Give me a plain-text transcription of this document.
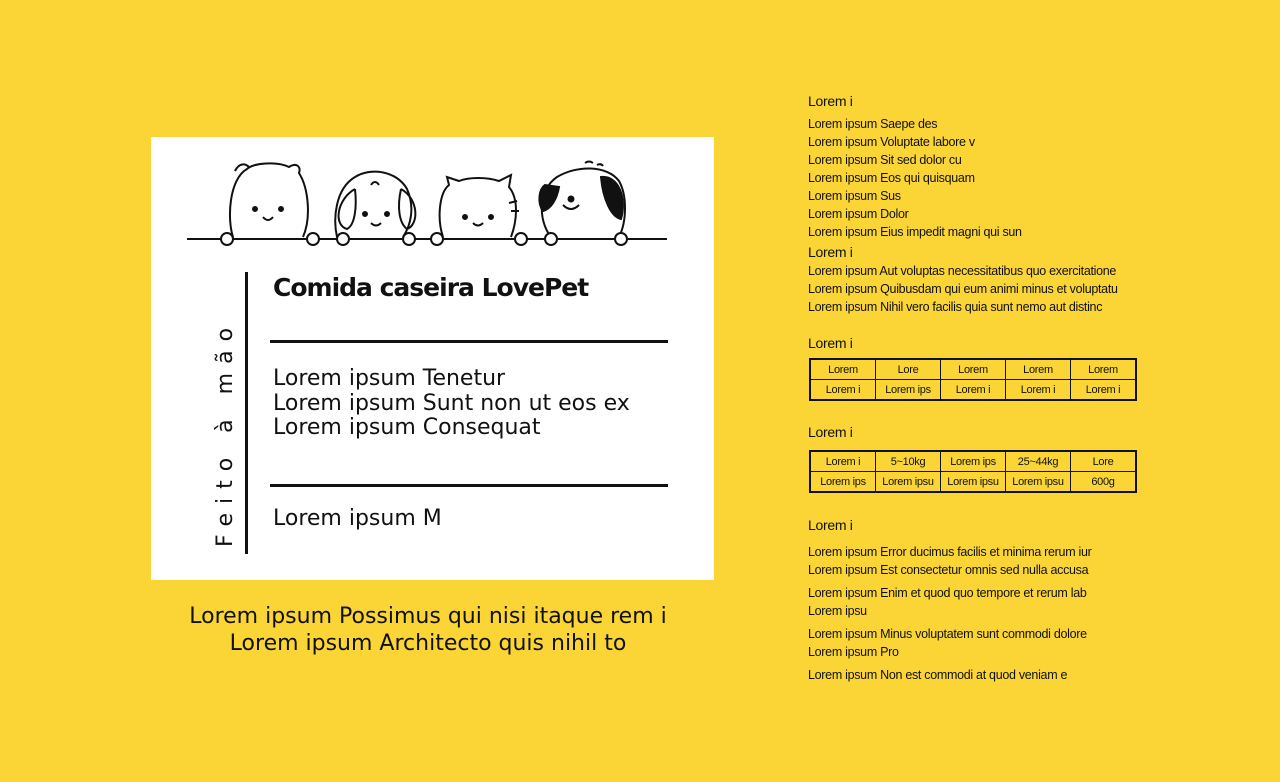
Feito à mão
Comida caseira LovePet
Lorem ipsum Tenetur
Lorem ipsum Sunt non ut eos ex
Lorem ipsum Consequat
Lorem ipsum M
Lorem ipsum Possimus qui nisi itaque rem i
Lorem ipsum Architecto quis nihil to
Lorem i
Lorem ipsum Saepe des
Lorem ipsum Voluptate labore v
Lorem ipsum Sit sed dolor cu
Lorem ipsum Eos qui quisquam
Lorem ipsum Sus
Lorem ipsum Dolor
Lorem ipsum Eius impedit magni qui sun
Lorem i
Lorem ipsum Aut voluptas necessitatibus quo exercitatione
Lorem ipsum Quibusdam qui eum animi minus et voluptatu
Lorem ipsum Nihil vero facilis quia sunt nemo aut distinc
Lorem i
Lorem	Lore	Lorem	Lorem	Lorem
Lorem i	Lorem ips	Lorem i	Lorem i	Lorem i
Lorem i
Lorem i	5~10kg	Lorem ips	25~44kg	Lore
Lorem ips	Lorem ipsu	Lorem ipsu	Lorem ipsu	600g
Lorem i
Lorem ipsum Error ducimus facilis et minima rerum iur
Lorem ipsum Est consectetur omnis sed nulla accusa
Lorem ipsum Enim et quod quo tempore et rerum lab
Lorem ipsu
Lorem ipsum Minus voluptatem sunt commodi dolore
Lorem ipsum Pro
Lorem ipsum Non est commodi at quod veniam e
